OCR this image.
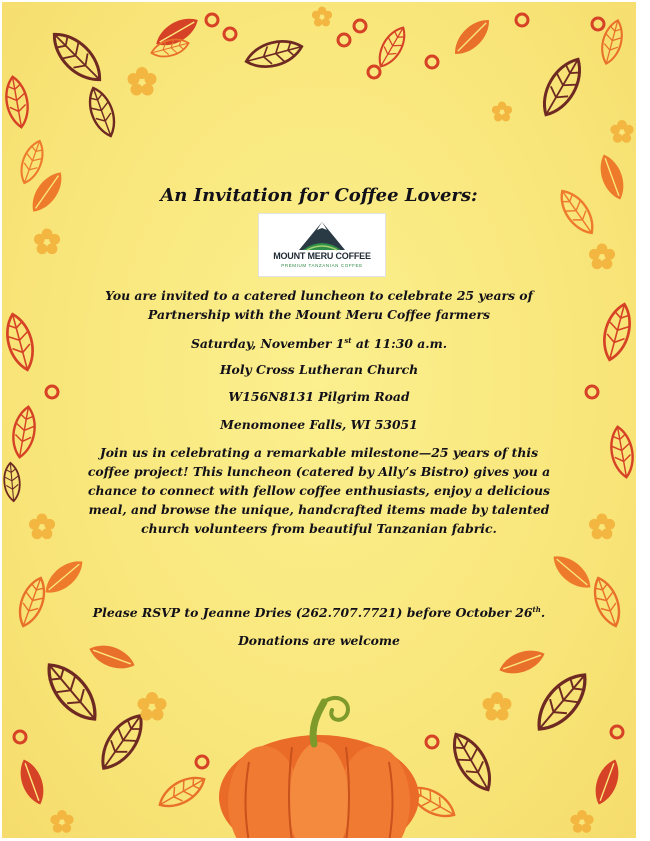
An Invitation for Coffee Lovers:
MOUNT MERU COFFEE
PREMIUM TANZANIAN COFFEE
You are invited to a catered luncheon to celebrate 25 years of
Partnership with the Mount Meru Coffee farmers
Saturday, November 1st at 11:30 a.m.
Holy Cross Lutheran Church
W156N8131 Pilgrim Road
Menomonee Falls, WI 53051
Join us in celebrating a remarkable milestone—25 years of this
coffee project! This luncheon (catered by Ally’s Bistro) gives you a
chance to connect with fellow coffee enthusiasts, enjoy a delicious
meal, and browse the unique, handcrafted items made by talented
church volunteers from beautiful Tanzanian fabric.
Please RSVP to Jeanne Dries (262.707.7721) before October 26th.
Donations are welcome
